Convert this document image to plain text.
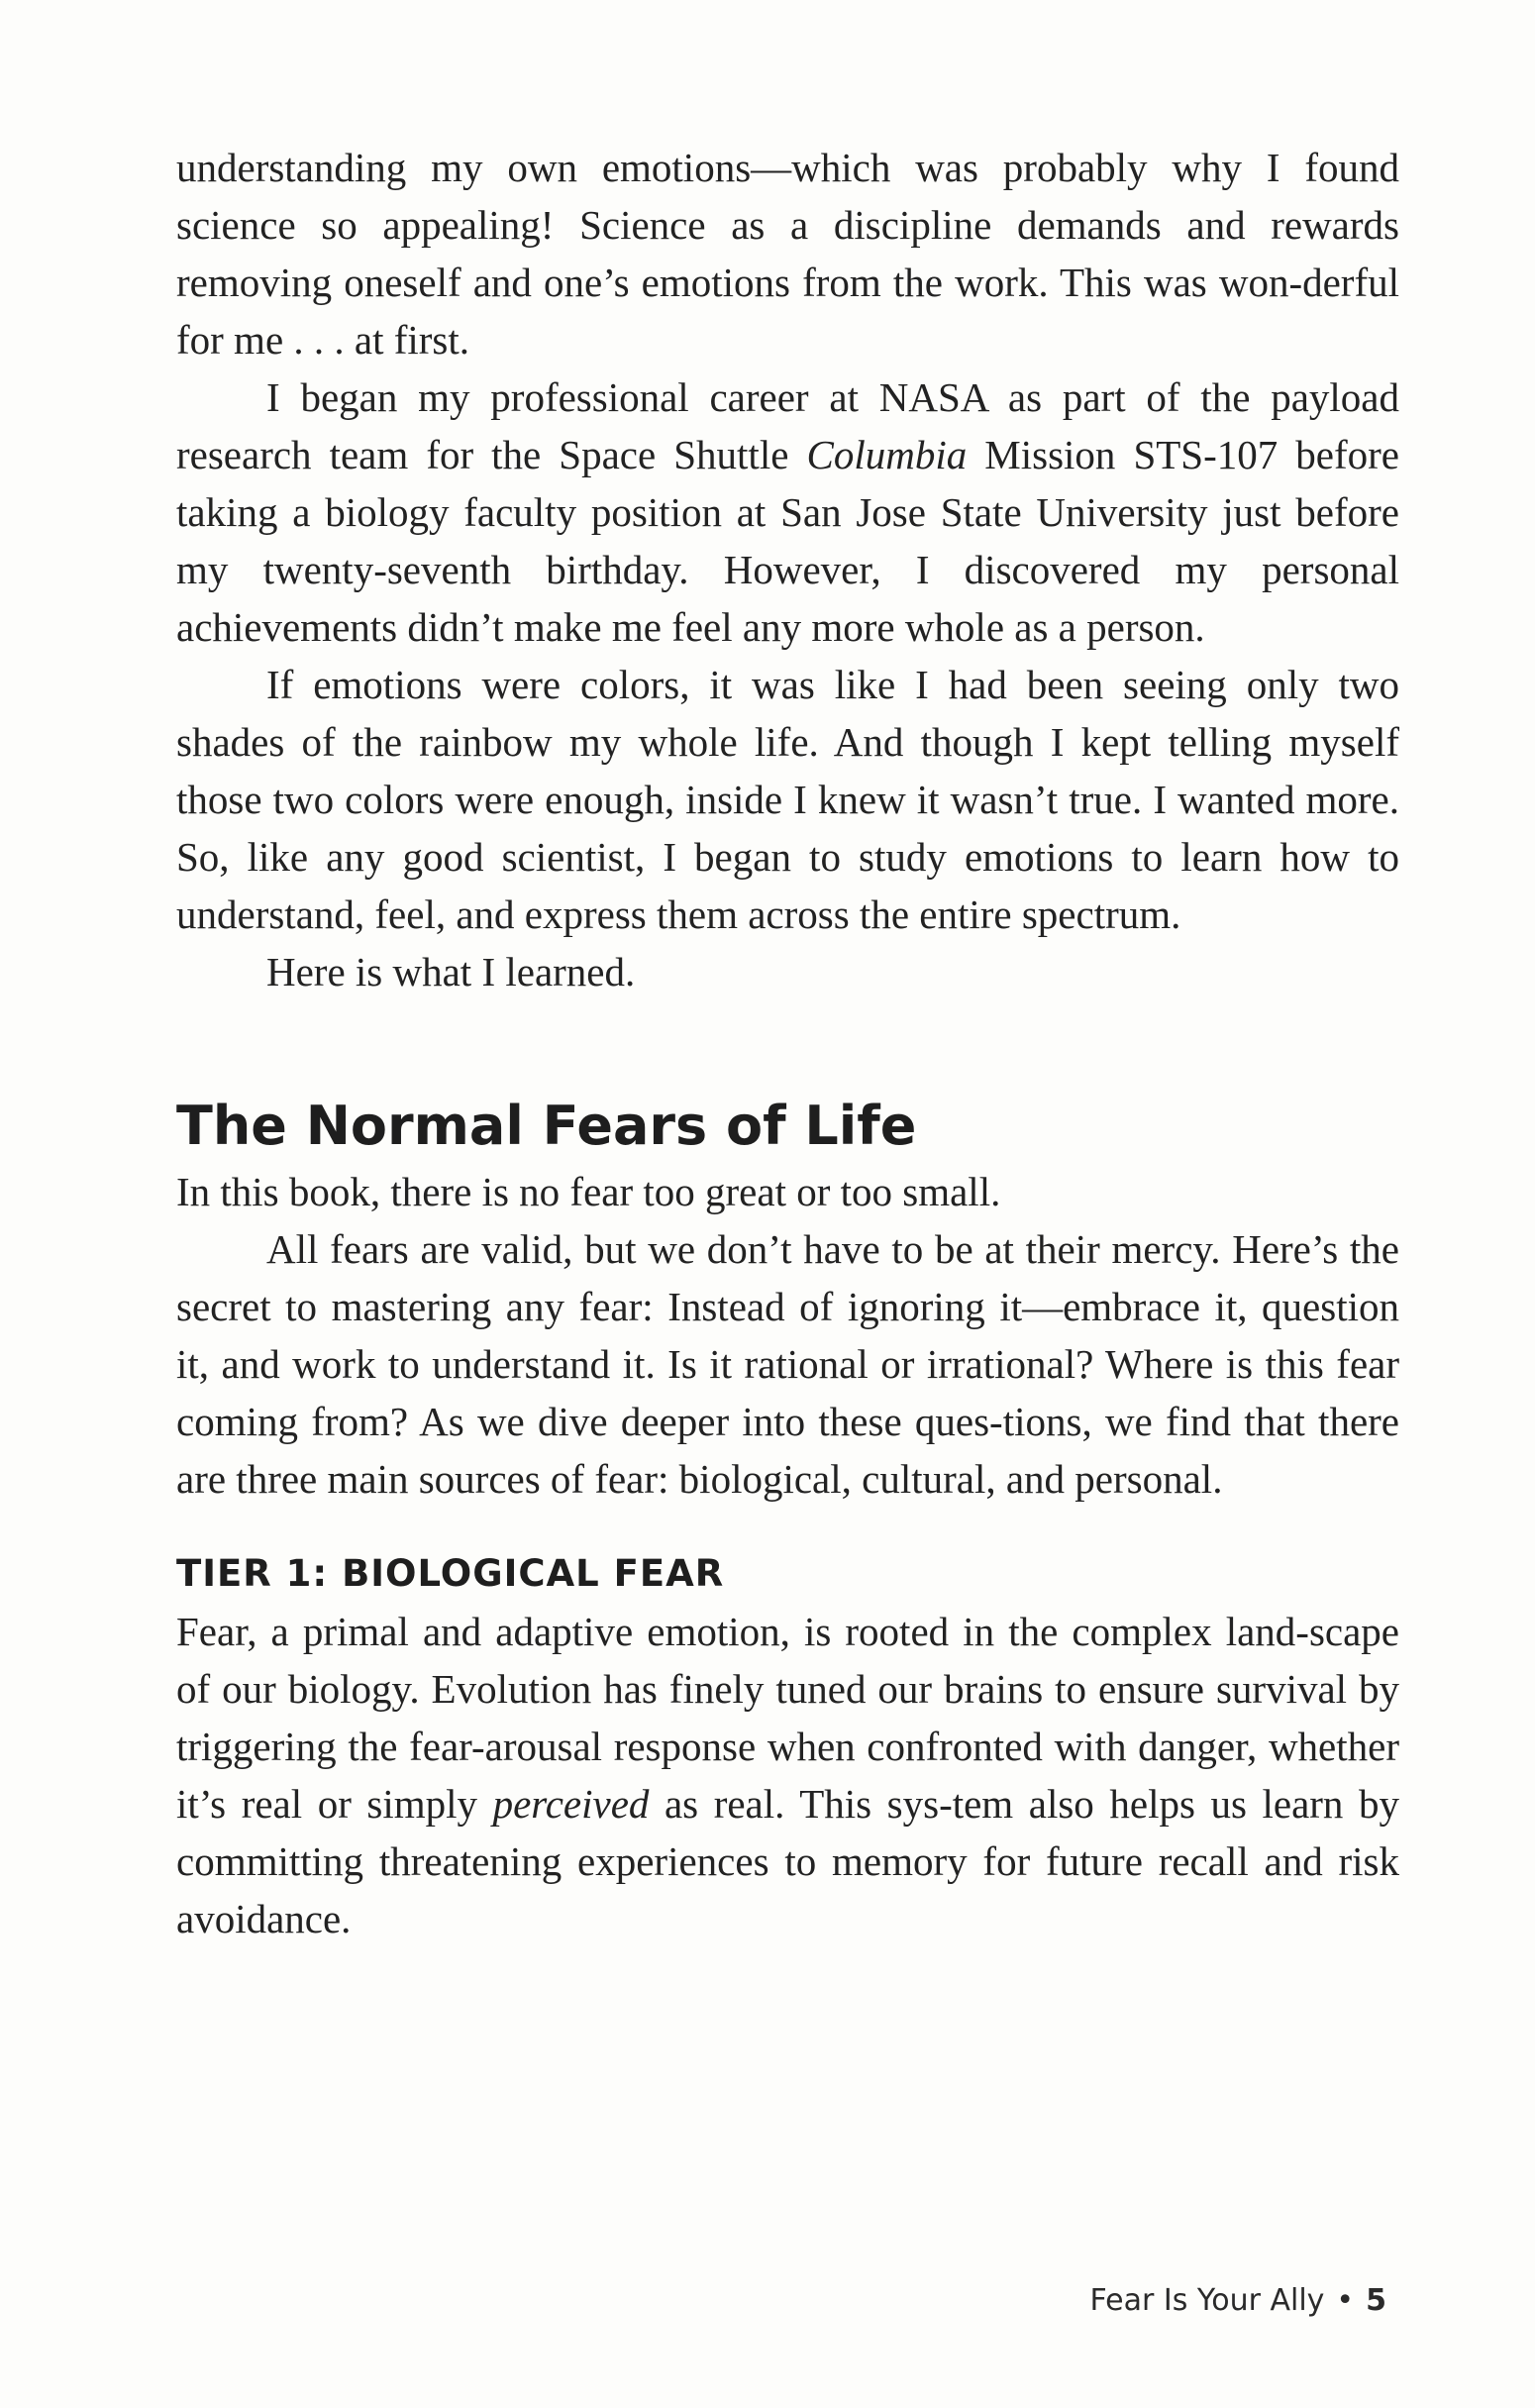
understanding my own emotions—which was probably why I found science so appealing! Science as a discipline demands and rewards removing oneself and one’s emotions from the work. This was won-derful for me . . . at first.

I began my professional career at NASA as part of the payload research team for the Space Shuttle Columbia Mission STS-107 before taking a biology faculty position at San Jose State University just before my twenty-seventh birthday. However, I discovered my personal achievements didn’t make me feel any more whole as a person.

If emotions were colors, it was like I had been seeing only two shades of the rainbow my whole life. And though I kept telling myself those two colors were enough, inside I knew it wasn’t true. I wanted more. So, like any good scientist, I began to study emotions to learn how to understand, feel, and express them across the entire spectrum.

Here is what I learned.

The Normal Fears of Life

In this book, there is no fear too great or too small.

All fears are valid, but we don’t have to be at their mercy. Here’s the secret to mastering any fear: Instead of ignoring it—embrace it, question it, and work to understand it. Is it rational or irrational? Where is this fear coming from? As we dive deeper into these ques-tions, we find that there are three main sources of fear: biological, cultural, and personal.

TIER 1: BIOLOGICAL FEAR

Fear, a primal and adaptive emotion, is rooted in the complex land-scape of our biology. Evolution has finely tuned our brains to ensure survival by triggering the fear-arousal response when confronted with danger, whether it’s real or simply perceived as real. This sys-tem also helps us learn by committing threatening experiences to memory for future recall and risk avoidance.

Fear Is Your Ally • 5
